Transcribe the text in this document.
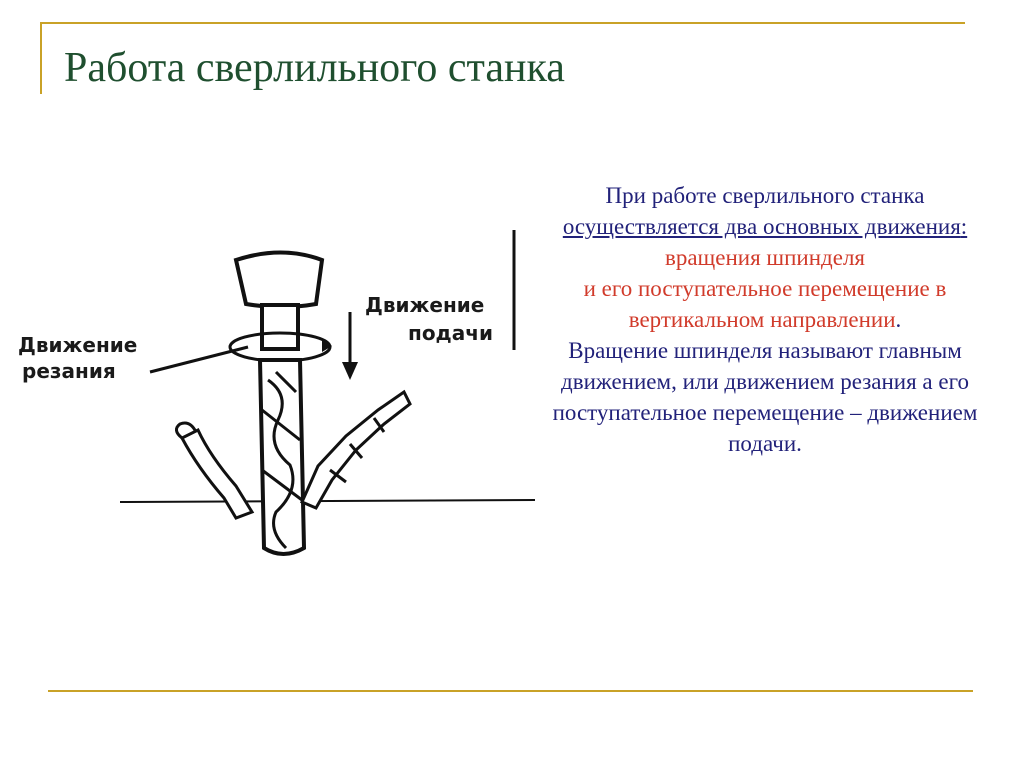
Работа сверлильного станка

При работе сверлильного станка осуществляется два основных движения:

вращения шпинделя

и его поступательное перемещение в вертикальном направлении.

Вращение шпинделя называют главным движением, или движением резания а его поступательное перемещение – движением подачи.

Движение
резания
Движение
подачи
